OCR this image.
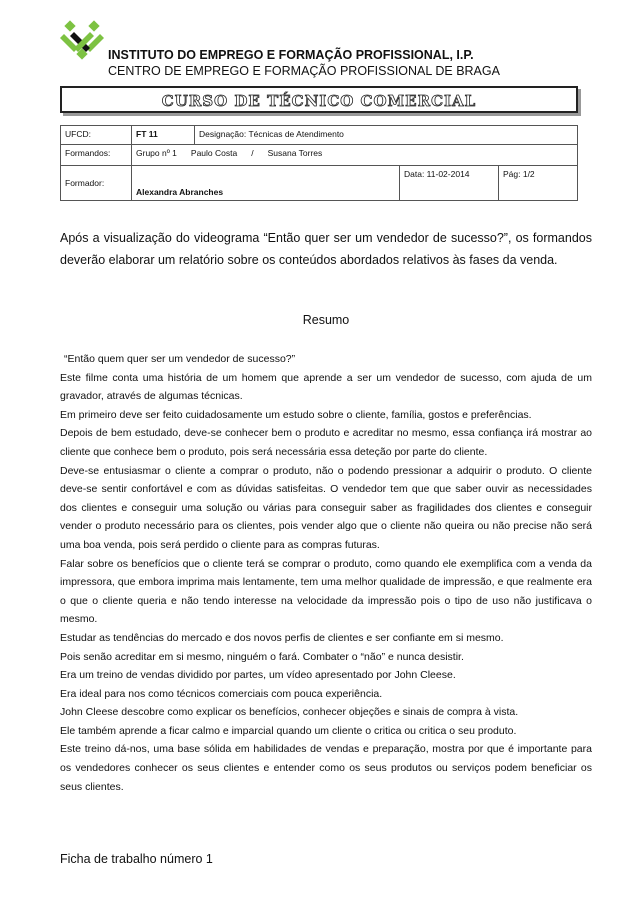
INSTITUTO DO EMPREGO E FORMAÇÃO PROFISSIONAL, I.P.
CENTRO DE EMPREGO E FORMAÇÃO PROFISSIONAL DE BRAGA
CURSO DE TÉCNICO COMERCIAL
UFCD:	FT 11	Designação: Técnicas de Atendimento		
Formandos:	Grupo nº 1 Paulo Costa / Susana Torres			
Formador:	Alexandra Abranches		Data: 11-02-2014	Pág: 1/2

Após a visualização do videograma “Então quer ser um vendedor de sucesso?”, os formandos deverão elaborar um relatório sobre os conteúdos abordados relativos às fases da venda.

Resumo

“Então quem quer ser um vendedor de sucesso?”

Este filme conta uma história de um homem que aprende a ser um vendedor de sucesso, com ajuda de um gravador, através de algumas técnicas.

Em primeiro deve ser feito cuidadosamente um estudo sobre o cliente, família, gostos e preferências.

Depois de bem estudado, deve-se conhecer bem o produto e acreditar no mesmo, essa confiança irá mostrar ao cliente que conhece bem o produto, pois será necessária essa deteção por parte do cliente.

Deve-se entusiasmar o cliente a comprar o produto, não o podendo pressionar a adquirir o produto. O cliente deve-se sentir confortável e com as dúvidas satisfeitas. O vendedor tem que que saber ouvir as necessidades dos clientes e conseguir uma solução ou várias para conseguir saber as fragilidades dos clientes e conseguir vender o produto necessário para os clientes, pois vender algo que o cliente não queira ou não precise não será uma boa venda, pois será perdido o cliente para as compras futuras.

Falar sobre os benefícios que o cliente terá se comprar o produto, como quando ele exemplifica com a venda da impressora, que embora imprima mais lentamente, tem uma melhor qualidade de impressão, e que realmente era o que o cliente queria e não tendo interesse na velocidade da impressão pois o tipo de uso não justificava o mesmo.

Estudar as tendências do mercado e dos novos perfis de clientes e ser confiante em si mesmo.

Pois senão acreditar em si mesmo, ninguém o fará. Combater o “não” e nunca desistir.

Era um treino de vendas dividido por partes, um vídeo apresentado por John Cleese.

Era ideal para nos como técnicos comerciais com pouca experiência.

John Cleese descobre como explicar os benefícios, conhecer objeções e sinais de compra à vista.

Ele também aprende a ficar calmo e imparcial quando um cliente o critica ou critica o seu produto.

Este treino dá-nos, uma base sólida em habilidades de vendas e preparação, mostra por que é importante para os vendedores conhecer os seus clientes e entender como os seus produtos ou serviços podem beneficiar os seus clientes.

Ficha de trabalho número 1
